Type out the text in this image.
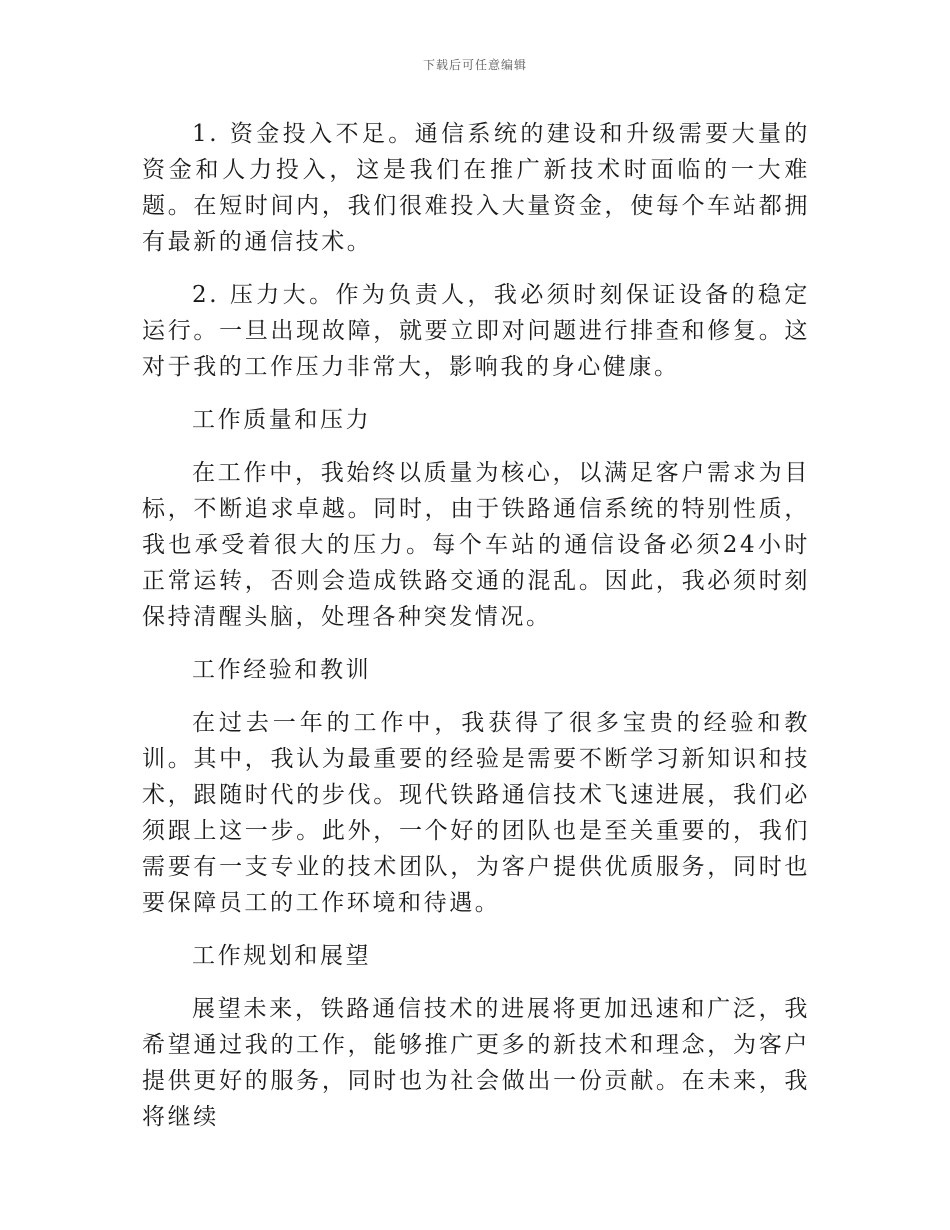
下载后可任意编辑

1. 资金投入不足。通信系统的建设和升级需要大量的资金和人力投入，这是我们在推广新技术时面临的一大难题。在短时间内，我们很难投入大量资金，使每个车站都拥有最新的通信技术。

2. 压力大。作为负责人，我必须时刻保证设备的稳定运行。一旦出现故障，就要立即对问题进行排查和修复。这对于我的工作压力非常大，影响我的身心健康。

工作质量和压力

在工作中，我始终以质量为核心，以满足客户需求为目标，不断追求卓越。同时，由于铁路通信系统的特别性质，我也承受着很大的压力。每个车站的通信设备必须24小时正常运转，否则会造成铁路交通的混乱。因此，我必须时刻保持清醒头脑，处理各种突发情况。

工作经验和教训

在过去一年的工作中，我获得了很多宝贵的经验和教训。其中，我认为最重要的经验是需要不断学习新知识和技术，跟随时代的步伐。现代铁路通信技术飞速进展，我们必须跟上这一步。此外，一个好的团队也是至关重要的，我们需要有一支专业的技术团队，为客户提供优质服务，同时也要保障员工的工作环境和待遇。

工作规划和展望

展望未来，铁路通信技术的进展将更加迅速和广泛，我希望通过我的工作，能够推广更多的新技术和理念，为客户提供更好的服务，同时也为社会做出一份贡献。在未来，我将继续
